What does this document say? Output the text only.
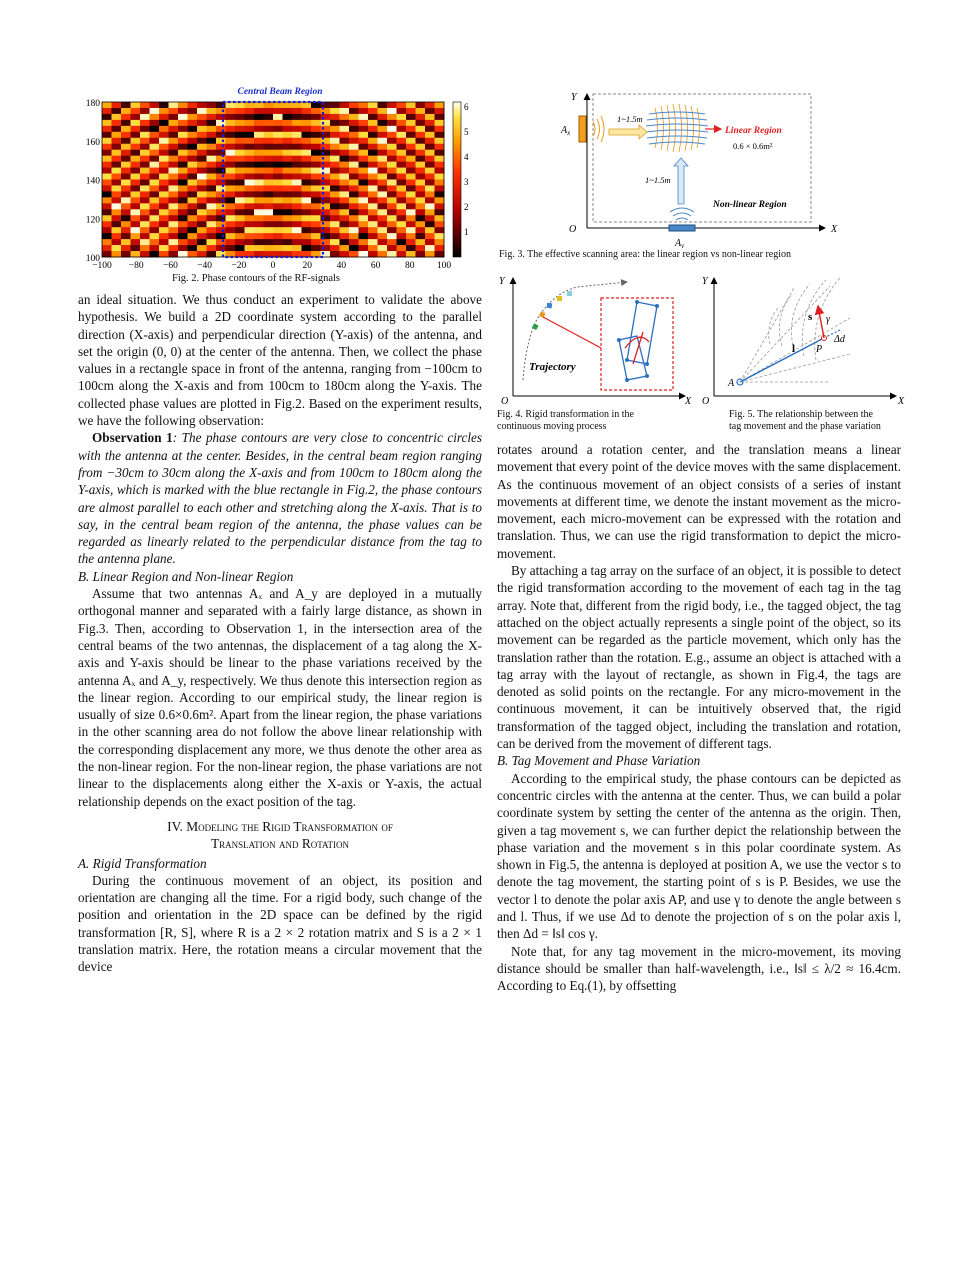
Central Beam Region
−100 −80 −60 −40 −20	0	20	40	60	80 100
180
160
140
120
100
6
5
4
3
2
1
Fig. 2. Phase contours of the RF-signals
Y
X
O
$A_x$
$A_y$
1~1.5m
1~1.5m
Linear Region
0.6 × 0.6m²
Non-linear Region
Fig. 3. The effective scanning area: the linear region vs non-linear region
Y
X
O
Trajectory
Fig. 4. Rigid transformation in the
continuous moving process
Y
X
O
A
l P
s γ
Δd
Fig. 5. The relationship between the
tag movement and the phase variation

an ideal situation. We thus conduct an experiment to validate the above hypothesis. We build a 2D coordinate system according to the parallel direction (X-axis) and perpendicular direction (Y-axis) of the antenna, and set the origin (0, 0) at the center of the antenna. Then, we collect the phase values in a rectangle space in front of the antenna, ranging from −100cm to 100cm along the X-axis and from 100cm to 180cm along the Y-axis. The collected phase values are plotted in Fig.2. Based on the experiment results, we have the following observation:

Observation 1: The phase contours are very close to concentric circles with the antenna at the center. Besides, in the central beam region ranging from −30cm to 30cm along the X-axis and from 100cm to 180cm along the Y-axis, which is marked with the blue rectangle in Fig.2, the phase contours are almost parallel to each other and stretching along the X-axis. That is to say, in the central beam region of the antenna, the phase values can be regarded as linearly related to the perpendicular distance from the tag to the antenna plane.

B. Linear Region and Non-linear Region

Assume that two antennas Aₓ and A_y are deployed in a mutually orthogonal manner and separated with a fairly large distance, as shown in Fig.3. Then, according to Observation 1, in the intersection area of the central beams of the two antennas, the displacement of a tag along the X-axis and Y-axis should be linear to the phase variations received by the antenna Aₓ and A_y, respectively. We thus denote this intersection region as the linear region. According to our empirical study, the linear region is usually of size 0.6×0.6m². Apart from the linear region, the phase variations in the other scanning area do not follow the above linear relationship with the corresponding displacement any more, we thus denote the other area as the non-linear region. For the non-linear region, the phase variations are not linear to the displacements along either the X-axis or Y-axis, the actual relationship depends on the exact position of the tag.

IV. Modeling the Rigid Transformation of
Translation and Rotation

A. Rigid Transformation

During the continuous movement of an object, its position and orientation are changing all the time. For a rigid body, such change of the position and orientation in the 2D space can be defined by the rigid transformation [R, S], where R is a 2 × 2 rotation matrix and S is a 2 × 1 translation matrix. Here, the rotation means a circular movement that the device

rotates around a rotation center, and the translation means a linear movement that every point of the device moves with the same displacement. As the continuous movement of an object consists of a series of instant movements at different time, we denote the instant movement as the micro-movement, each micro-movement can be expressed with the rotation and translation. Thus, we can use the rigid transformation to depict the micro-movement.

By attaching a tag array on the surface of an object, it is possible to detect the rigid transformation according to the movement of each tag in the tag array. Note that, different from the rigid body, i.e., the tagged object, the tag attached on the object actually represents a single point of the object, so its movement can be regarded as the particle movement, which only has the translation rather than the rotation. E.g., assume an object is attached with a tag array with the layout of rectangle, as shown in Fig.4, the tags are denoted as solid points on the rectangle. For any micro-movement in the continuous movement, it can be intuitively observed that, the rigid transformation of the tagged object, including the translation and rotation, can be derived from the movement of different tags.

B. Tag Movement and Phase Variation

According to the empirical study, the phase contours can be depicted as concentric circles with the antenna at the center. Thus, we can build a polar coordinate system by setting the center of the antenna as the origin. Then, given a tag movement s, we can further depict the relationship between the phase variation and the movement s in this polar coordinate system. As shown in Fig.5, the antenna is deployed at position A, we use the vector s to denote the tag movement, the starting point of s is P. Besides, we use the vector l to denote the polar axis AP, and use γ to denote the angle between s and l. Thus, if we use Δd to denote the projection of s on the polar axis l, then Δd = ‖s‖ cos γ.

Note that, for any tag movement in the micro-movement, its moving distance should be smaller than half-wavelength, i.e., ‖s‖ ≤ λ/2 ≈ 16.4cm. According to Eq.(1), by offsetting
